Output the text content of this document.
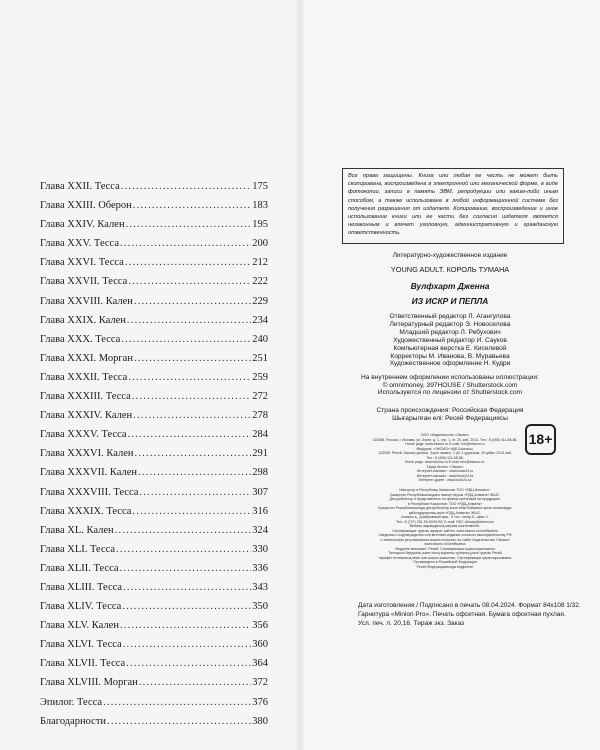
Глава XXII. Тесса .....	175
Глава XXIII. Оберон .....	183
Глава XXIV. Кален .....	195
Глава XXV. Тесса .....	200
Глава XXVI. Тесса .....	212
Глава XXVII. Тесса .....	222
Глава XXVIII. Кален .....	229
Глава XXIX. Кален .....	234
Глава XXX. Тесса .....	240
Глава XXXI. Морган .....	251
Глава XXXII. Тесса .....	259
Глава XXXIII. Тесса .....	272
Глава XXXIV. Кален .....	278
Глава XXXV. Тесса .....	284
Глава XXXVI. Кален .....	291
Глава XXXVII. Кален .....	298
Глава XXXVIII. Тесса .....	307
Глава XXXIX. Тесса .....	316
Глава XL. Кален .....	324
Глава XLI. Тесса .....	330
Глава XLII. Тесса .....	336
Глава XLIII. Тесса .....	343
Глава XLIV. Тесса .....	350
Глава XLV. Кален .....	356
Глава XLVI. Тесса .....	360
Глава XLVII. Тесса .....	364
Глава XLVIII. Морган .....	372
Эпилог. Тесса .....	376
Благодарности .....	380
Все права защищены. Книга или любая ее часть не может быть скопирована, воспроизведена в электронной или механической форме, в виде фотокопии, записи в память ЭВМ, репродукции или каким-либо иным способом, а также использована в любой информационной системе без получения разрешения от издателя. Копирование, воспроизведение и иное использование книги или ее части без согласия издателя является незаконным и влечет уголовную, административную и гражданскую ответственность.
Литературно-художественное издание
YOUNG ADULT. КОРОЛЬ ТУМАНА
Вулфхарт Дженна
ИЗ ИСКР И ПЕПЛА
Ответственный редактор Л. Агангулова
Литературный редактор Э. Новоселова
Младший редактор Л. Ребухович
Художественный редактор И. Сауков
Компьютерная верстка Е. Киселевой
Корректоры М. Иванова, В. Муравьева
Художественное оформление Н. Кудри
На внутреннем оформлении использованы иллюстрации:
© omnimoney, 397HOUSE / Shutterstock.com
Используются по лицензии от Shutterstock.com
Страна происхождения: Российская Федерация
Шығарылған елі: Ресей Федерациясы
ООО «Издательство «Эксмо»
123308, Россия, г. Москва, ул. Зорге, д. 1, стр. 1, эт. 20, каб. 2013. Тел.: 8 (495) 411-68-86.
Home page: www.eksmo.ru E-mail: info@eksmo.ru
Өндіруші: «ЭКСМО» АҚБ Баспасы,
123308, Ресей, Мәскеу қаласы, Зорге көшесі, 1 үй, 1 құрылым, 20 қабат, 2013 каб.
Тел.: 8 (495) 411-68-86.
Home page: www.eksmo.ru E-mail: info@eksmo.ru.
Тауар белгісі: «Эксмо»
Интернет-магазин : www.book24.ru
Интернет-магазин : www.book24.kz
Интернет-дүкен : www.book24.kz
Импортер в Республику Казахстан ТОО «РДЦ-Алматы».
Қазақстан Республикасындағы импорттаушы «РДЦ-Алматы» ЖШС.
Дистрибьютор и представитель по приему претензий на продукцию,
в Республике Казахстан: ТОО «РДЦ-Алматы»
Қазақстан Республикасында дистрибьютор және өнім бойынша арыз-талаптарды
қабылдаушының өкілі «РДЦ-Алматы» ЖШС,
Алматы қ., Домбровский көш., 3 «а», литер Б, офис 1.
Тел.: 8 (727) 251-59-90/91/92; E-mail: RDC-Almaty@eksmo.kz
Өнімнің жарамдылық мерзімі шектелмеген.
Сертификация туралы ақпарат сайтта: www.eksmo.ru/certification
Сведения о подтверждении соответствия издания согласно законодательству РФ
о техническом регулировании можно получить на сайте Издательства «Эксмо»
www.eksmo.ru/certification
Өндірген мемлекет: Ресей. Сертификация қарастырылмаған
Тапсырыс берушінің және оның жауапты тұлғаның рөлі туралы Ресей
тарифін техникалық емес жан-жақты жазылған, Сертификация қарастырылмаған
Произведено в Российской Федерации
Ресей Федерациясында өндірілген
18+
Дата изготовления / Подписано в печать 08.04.2024. Формат 84х108 1/32.
Гарнитура «Minion Pro». Печать офсетная. Бумага офсетная пухлая.
Усл. печ. л. 20,16. Тираж экз. Заказ
